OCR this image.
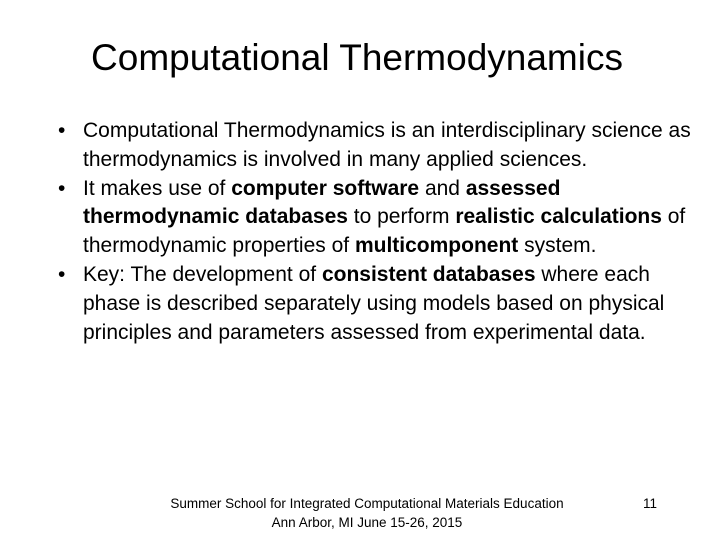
Computational Thermodynamics
• Computational Thermodynamics is an interdisciplinary science as thermodynamics is involved in many applied sciences.
• It makes use of computer software and assessed thermodynamic databases to perform realistic calculations of thermodynamic properties of multicomponent system.
• Key: The development of consistent databases where each phase is described separately using models based on physical principles and parameters assessed from experimental data.
Summer School for Integrated Computational Materials Education
Ann Arbor, MI June 15-26, 2015
11
